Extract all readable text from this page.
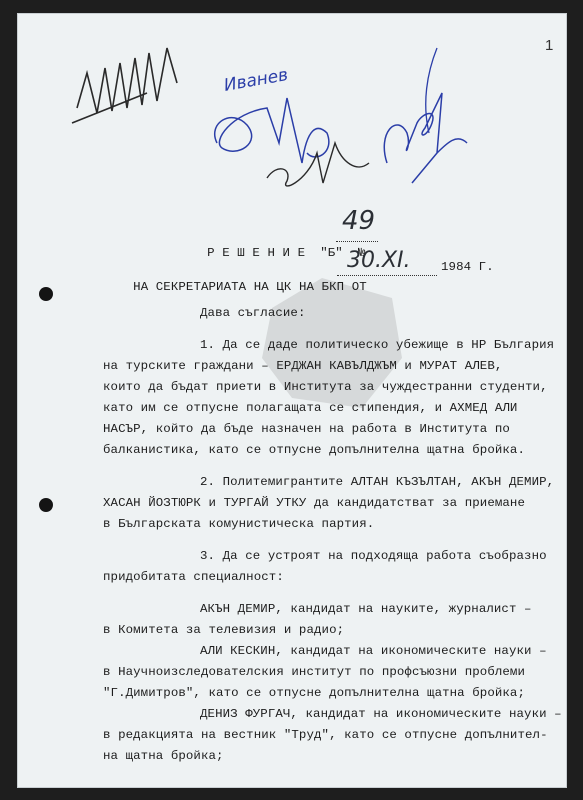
1
Ивaнев

Р Е Ш Е Н И Е  "Б"  №

49

НА СЕКРЕТАРИАТА НА ЦК НА БКП ОТ

30.XI. 1984 Г.
Дава съгласие:
1. Да се даде политическо убежище в НР България
на турските граждани – ЕРДЖАН КАВЪЛДЖЪМ и МУРАТ АЛЕВ,
които да бъдат приети в Института за чуждестранни студенти,
като им се отпусне полагащата се стипендия, и АХМЕД АЛИ
НАСЪР, който да бъде назначен на работа в Института по
балканистика, като се отпусне допълнителна щатна бройка.
2. Политемигрантите АЛТАН КЪЗЪЛТАН, АКЪН ДЕМИР,
ХАСАН ЙОЗТЮРК и ТУРГАЙ УТКУ да кандидатстват за приемане
в Българската комунистическа партия.
3. Да се устроят на подходяща работа съобразно
придобитата специалност:
АКЪН ДЕМИР, кандидат на науките, журналист –
в Комитета за телевизия и радио;
АЛИ КЕСКИН, кандидат на икономическите науки –
в Научноизследователския институт по профсъюзни проблеми
"Г.Димитров", като се отпусне допълнителна щатна бройка;
ДЕНИЗ ФУРГАЧ, кандидат на икономическите науки –
в редакцията на вестник "Труд", като се отпусне допълнител-
на щатна бройка;
